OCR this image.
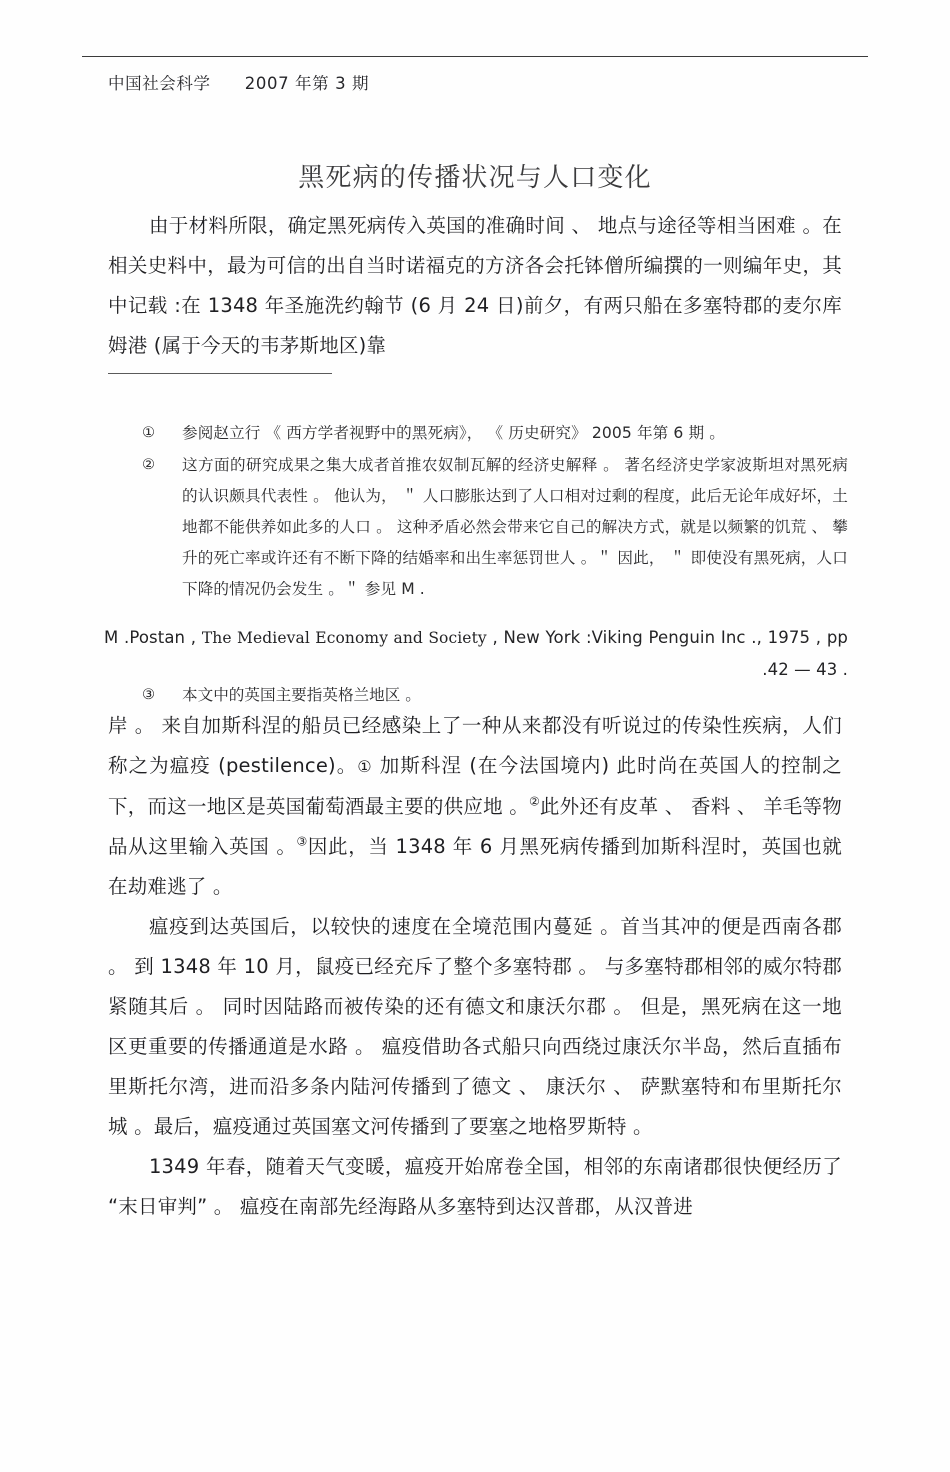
中国社会科学　　2007 年第 3 期
黑死病的传播状况与人口变化

由于材料所限，确定黑死病传入英国的准确时间 、 地点与途径等相当困难 。在相关史料中，最为可信的出自当时诺福克的方济各会托钵僧所编撰的一则编年史，其中记载 :在 1348 年圣施洗约翰节 (6 月 24 日)前夕，有两只船在多塞特郡的麦尔库姆港 (属于今天的韦茅斯地区)靠

①	参阅赵立行 《 西方学者视野中的黑死病》， 《 历史研究》 2005 年第 6 期 。
②	这方面的研究成果之集大成者首推农奴制瓦解的经济史解释 。 著名经济史学家波斯坦对黑死病的认识颇具代表性 。 他认为， ＂ 人口膨胀达到了人口相对过剩的程度，此后无论年成好坏，土地都不能供养如此多的人口 。 这种矛盾必然会带来它自己的解决方式，就是以频繁的饥荒 、 攀升的死亡率或许还有不断下降的结婚率和出生率惩罚世人 。＂ 因此， ＂ 即使没有黑死病，人口下降的情况仍会发生 。＂ 参见 M .
M .Postan , The Medieval Economy and Society , New York :Viking Penguin Inc ., 1975 , pp .42 — 43 .
③	本文中的英国主要指英格兰地区 。

岸 。 来自加斯科涅的船员已经感染上了一种从来都没有听说过的传染性疾病，人们称之为瘟疫 (pestilence)。① 加斯科涅 (在今法国境内) 此时尚在英国人的控制之下，而这一地区是英国葡萄酒最主要的供应地 。②此外还有皮革 、 香料 、 羊毛等物品从这里输入英国 。③因此，当 1348 年 6 月黑死病传播到加斯科涅时，英国也就在劫难逃了 。

瘟疫到达英国后，以较快的速度在全境范围内蔓延 。首当其冲的便是西南各郡 。 到 1348 年 10 月，鼠疫已经充斥了整个多塞特郡 。 与多塞特郡相邻的威尔特郡紧随其后 。 同时因陆路而被传染的还有德文和康沃尔郡 。 但是，黑死病在这一地区更重要的传播通道是水路 。 瘟疫借助各式船只向西绕过康沃尔半岛，然后直插布里斯托尔湾，进而沿多条内陆河传播到了德文 、 康沃尔 、 萨默塞特和布里斯托尔城 。最后，瘟疫通过英国塞文河传播到了要塞之地格罗斯特 。

1349 年春，随着天气变暖，瘟疫开始席卷全国，相邻的东南诸郡很快便经历了 “末日审判” 。 瘟疫在南部先经海路从多塞特到达汉普郡，从汉普进
